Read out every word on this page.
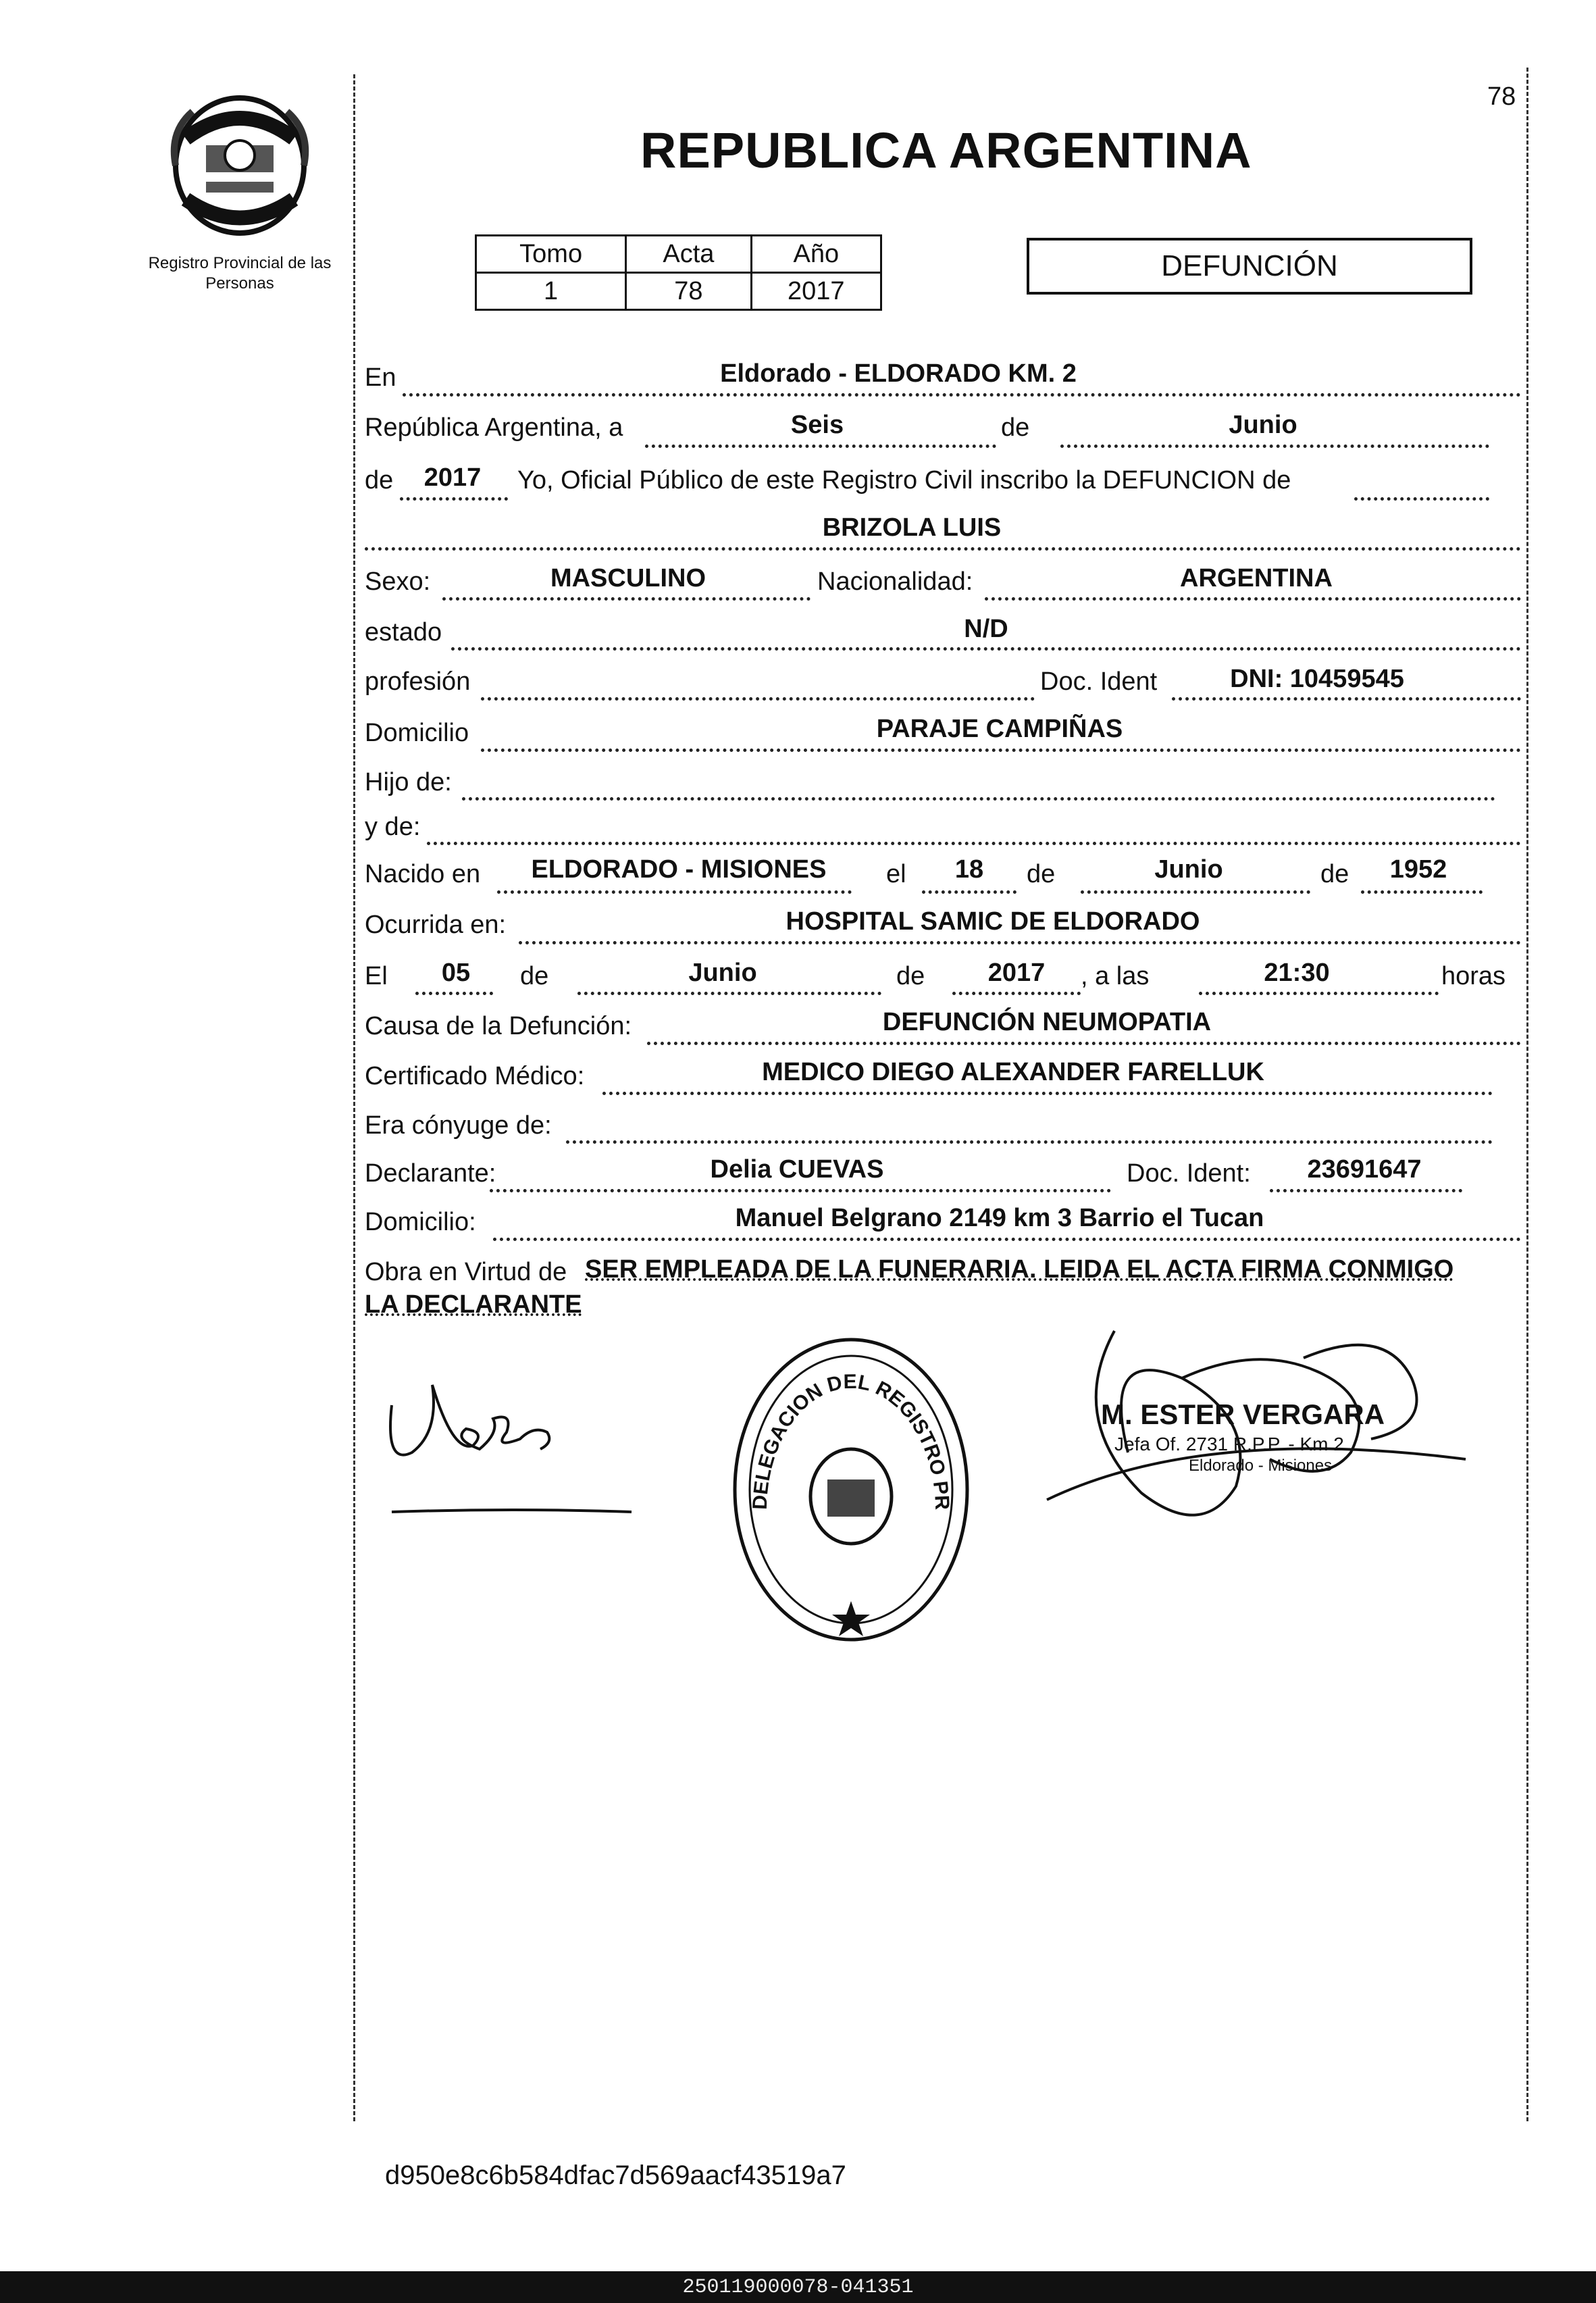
Registro Provincial de las Personas
REPUBLICA ARGENTINA
78
Tomo	Acta	Año
1	78	2017
DEFUNCIÓN
En	Eldorado - ELDORADO KM. 2
República Argentina, a	Seis	de	Junio
de	2017	Yo, Oficial Público de este Registro Civil inscribo la DEFUNCION de
BRIZOLA LUIS
Sexo:	MASCULINO	Nacionalidad:	ARGENTINA
estado	N/D
profesión	Doc. Ident	DNI: 10459545
Domicilio	PARAJE CAMPIÑAS
Hijo de:
y de:
Nacido en	ELDORADO - MISIONES	el	18	de	Junio	de	1952
Ocurrida en:	HOSPITAL SAMIC DE ELDORADO
El	05	de	Junio	de	2017	, a las	21:30	horas
Causa de la Defunción:	DEFUNCIÓN NEUMOPATIA
Certificado Médico:	MEDICO DIEGO ALEXANDER FARELLUK
Era cónyuge de:
Declarante:	Delia CUEVAS	Doc. Ident:	23691647
Domicilio:	Manuel Belgrano 2149 km 3 Barrio el Tucan
Obra en Virtud de SER EMPLEADA DE LA FUNERARIA. LEIDA EL ACTA FIRMA CONMIGO
LA DECLARANTE
DELEGACION DEL REGISTRO PR
M. ESTER VERGARA
Jefa Of. 2731 R.P.P. - Km 2
Eldorado - Misiones
d950e8c6b584dfac7d569aacf43519a7
250119000078-041351
